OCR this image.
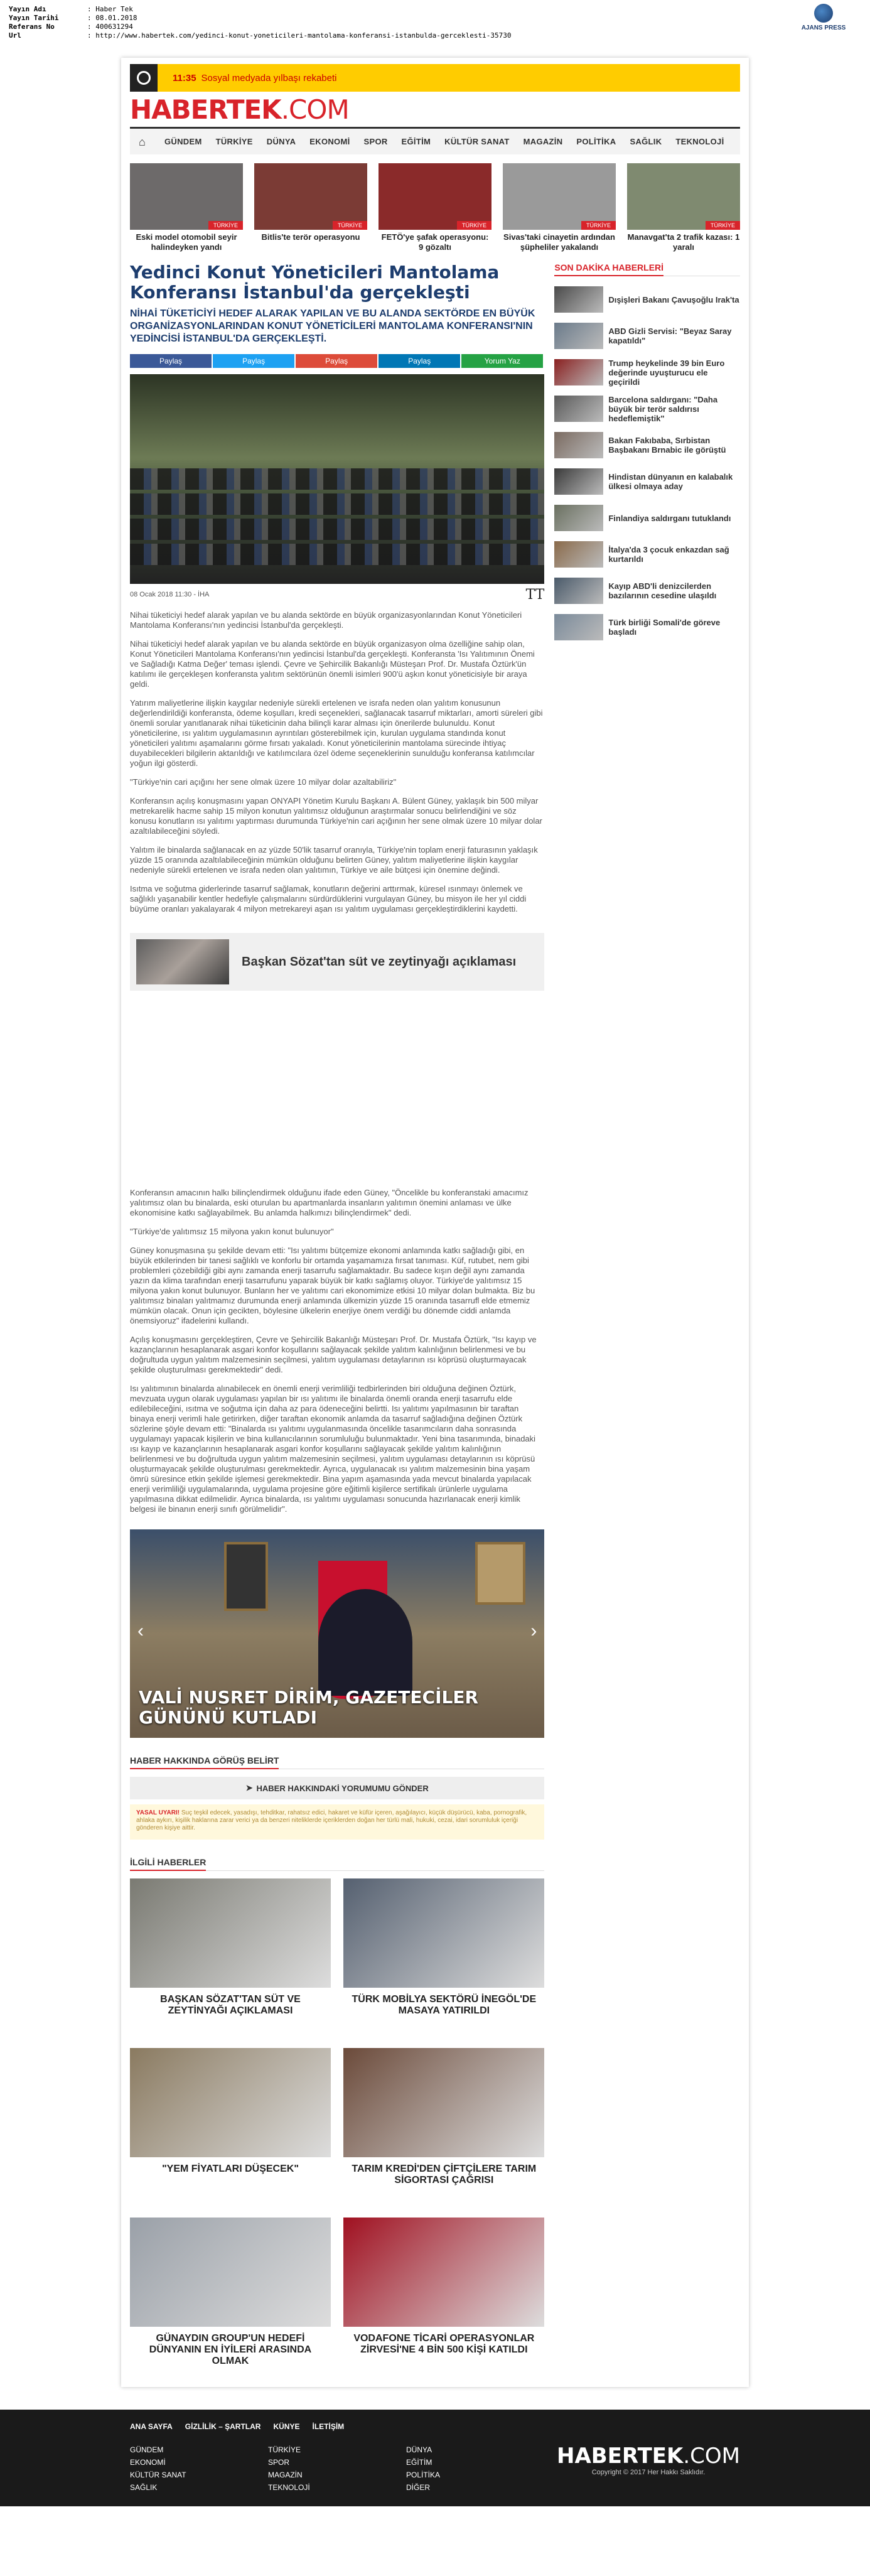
Yayın Adı	: Haber Tek
Yayın Tarihi	: 08.01.2018
Referans No	: 400631294
Url	: http://www.habertek.com/yedinci-konut-yoneticileri-mantolama-konferansi-istanbulda-gerceklesti-35730
AJANS PRESS
11:35 Sosyal medyada yılbaşı rekabeti
HABERTEK.COM
⌂	GÜNDEM TÜRKİYE DÜNYA EKONOMİ SPOR EĞİTİM KÜLTÜR SANAT MAGAZİN POLİTİKA SAĞLIK TEKNOLOJİ
TÜRKİYE
Eski model otomobil seyir halindeyken yandı
TÜRKİYE
Bitlis'te terör operasyonu
TÜRKİYE
FETÖ'ye şafak operasyonu: 9 gözaltı
TÜRKİYE
Sivas'taki cinayetin ardından şüpheliler yakalandı
TÜRKİYE
Manavgat'ta 2 trafik kazası: 1 yaralı
Yedinci Konut Yöneticileri Mantolama Konferansı İstanbul'da gerçekleşti
NİHAİ TÜKETİCİYİ HEDEF ALARAK YAPILAN VE BU ALANDA SEKTÖRDE EN BÜYÜK ORGANİZASYONLARINDAN KONUT YÖNETİCİLERİ MANTOLAMA KONFERANSI'NIN YEDİNCİSİ İSTANBUL'DA GERÇEKLEŞTİ.
Paylaş	Paylaş	Paylaş	Paylaş	Yorum Yaz
08 Ocak 2018 11:30 - İHA	TT

Nihai tüketiciyi hedef alarak yapılan ve bu alanda sektörde en büyük organizasyonlarından Konut Yöneticileri Mantolama Konferansı'nın yedincisi İstanbul'da gerçekleşti.

Nihai tüketiciyi hedef alarak yapılan ve bu alanda sektörde en büyük organizasyon olma özelliğine sahip olan, Konut Yöneticileri Mantolama Konferansı'nın yedincisi İstanbul'da gerçekleşti. Konferansta 'Isı Yalıtımının Önemi ve Sağladığı Katma Değer' teması işlendi. Çevre ve Şehircilik Bakanlığı Müsteşarı Prof. Dr. Mustafa Öztürk'ün katılımı ile gerçekleşen konferansta yalıtım sektörünün önemli isimleri 900'ü aşkın konut yöneticisiyle bir araya geldi.

Yatırım maliyetlerine ilişkin kaygılar nedeniyle sürekli ertelenen ve israfa neden olan yalıtım konusunun değerlendirildiği konferansta, ödeme koşulları, kredi seçenekleri, sağlanacak tasarruf miktarları, amorti süreleri gibi önemli sorular yanıtlanarak nihai tüketicinin daha bilinçli karar alması için önerilerde bulunuldu. Konut yöneticilerine, ısı yalıtım uygulamasının ayrıntıları gösterebilmek için, kurulan uygulama standında konut yöneticileri yalıtımı aşamalarını görme fırsatı yakaladı. Konut yöneticilerinin mantolama sürecinde ihtiyaç duyabilecekleri bilgilerin aktarıldığı ve katılımcılara özel ödeme seçeneklerinin sunulduğu konferansa katılımcılar yoğun ilgi gösterdi.

"Türkiye'nin cari açığını her sene olmak üzere 10 milyar dolar azaltabiliriz"

Konferansın açılış konuşmasını yapan ONYAPI Yönetim Kurulu Başkanı A. Bülent Güney, yaklaşık bin 500 milyar metrekarelik hacme sahip 15 milyon konutun yalıtımsız olduğunun araştırmalar sonucu belirlendiğini ve söz konusu konutların ısı yalıtımı yaptırması durumunda Türkiye'nin cari açığının her sene olmak üzere 10 milyar dolar azaltılabileceğini söyledi.

Yalıtım ile binalarda sağlanacak en az yüzde 50'lik tasarruf oranıyla, Türkiye'nin toplam enerji faturasının yaklaşık yüzde 15 oranında azaltılabileceğinin mümkün olduğunu belirten Güney, yalıtım maliyetlerine ilişkin kaygılar nedeniyle sürekli ertelenen ve israfa neden olan yalıtımın, Türkiye ve aile bütçesi için önemine değindi.

Isıtma ve soğutma giderlerinde tasarruf sağlamak, konutların değerini arttırmak, küresel ısınmayı önlemek ve sağlıklı yaşanabilir kentler hedefiyle çalışmalarını sürdürdüklerini vurgulayan Güney, bu misyon ile her yıl ciddi büyüme oranları yakalayarak 4 milyon metrekareyi aşan ısı yalıtım uygulaması gerçekleştirdiklerini kaydetti.

Başkan Sözat'tan süt ve zeytinyağı açıklaması

Konferansın amacının halkı bilinçlendirmek olduğunu ifade eden Güney, "Öncelikle bu konferanstaki amacımız yalıtımsız olan bu binalarda, eski oturulan bu apartmanlarda insanların yalıtımın önemini anlaması ve ülke ekonomisine katkı sağlayabilmek. Bu anlamda halkımızı bilinçlendirmek" dedi.

"Türkiye'de yalıtımsız 15 milyona yakın konut bulunuyor"

Güney konuşmasına şu şekilde devam etti: "Isı yalıtımı bütçemize ekonomi anlamında katkı sağladığı gibi, en büyük etkilerinden bir tanesi sağlıklı ve konforlu bir ortamda yaşamamıza fırsat tanıması. Küf, rutubet, nem gibi problemleri çözebildiği gibi aynı zamanda enerji tasarrufu sağlamaktadır. Bu sadece kışın değil aynı zamanda yazın da klima tarafından enerji tasarrufunu yaparak büyük bir katkı sağlamış oluyor. Türkiye'de yalıtımsız 15 milyona yakın konut bulunuyor. Bunların her ve yalıtımı cari ekonomimize etkisi 10 milyar dolan bulmakta. Biz bu yalıtımsız binaları yalıtmamız durumunda enerji anlamında ülkemizin yüzde 15 oranında tasarrufl elde etmemiz mümkün olacak. Onun için gecikten, böylesine ülkelerin enerjiye önem verdiği bu dönemde ciddi anlamda önemsiyoruz" ifadelerini kullandı.

Açılış konuşmasını gerçekleştiren, Çevre ve Şehircilik Bakanlığı Müsteşarı Prof. Dr. Mustafa Öztürk, "Isı kayıp ve kazançlarının hesaplanarak asgari konfor koşullarını sağlayacak şekilde yalıtım kalınlığının belirlenmesi ve bu doğrultuda uygun yalıtım malzemesinin seçilmesi, yalıtım uygulaması detaylarının ısı köprüsü oluşturmayacak şekilde oluşturulması gerekmektedir" dedi.

Isı yalıtımının binalarda alınabilecek en önemli enerji verimliliği tedbirlerinden biri olduğuna değinen Öztürk, mevzuata uygun olarak uygulaması yapılan bir ısı yalıtımı ile binalarda önemli oranda enerji tasarrufu elde edilebileceğini, ısıtma ve soğutma için daha az para ödeneceğini belirtti. Isı yalıtımı yapılmasının bir taraftan binaya enerji verimli hale getirirken, diğer taraftan ekonomik anlamda da tasarruf sağladığına değinen Öztürk sözlerine şöyle devam etti: "Binalarda ısı yalıtımı uygulanmasında öncelikle tasarımcıların daha sonrasında uygulamayı yapacak kişilerin ve bina kullanıcılarının sorumluluğu bulunmaktadır. Yeni bina tasarımında, binadaki ısı kayıp ve kazançlarının hesaplanarak asgari konfor koşullarını sağlayacak şekilde yalıtım kalınlığının belirlenmesi ve bu doğrultuda uygun yalıtım malzemesinin seçilmesi, yalıtım uygulaması detaylarının ısı köprüsü oluşturmayacak şekilde oluşturulması gerekmektedir. Ayrıca, uygulanacak ısı yalıtım malzemesinin bina yaşam ömrü süresince etkin şekilde işlemesi gerekmektedir. Bina yapım aşamasında yada mevcut binalarda yapılacak enerji verimliliği uygulamalarında, uygulama projesine göre eğitimli kişilerce sertifikalı ürünlerle uygulama yapılmasına dikkat edilmelidir. Ayrıca binalarda, ısı yalıtımı uygulaması sonucunda hazırlanacak enerji kimlik belgesi ile binanın enerji sınıfı görülmelidir".

‹	›
VALİ NUSRET DİRİM, GAZETECİLER GÜNÜNÜ KUTLADI
HABER HAKKINDA GÖRÜŞ BELİRT
➤ HABER HAKKINDAKİ YORUMUMU GÖNDER
YASAL UYARI! Suç teşkil edecek, yasadışı, tehditkar, rahatsız edici, hakaret ve küfür içeren, aşağılayıcı, küçük düşürücü, kaba, pornografik, ahlaka aykırı, kişilik haklarına zarar verici ya da benzeri niteliklerde içeriklerden doğan her türlü mali, hukuki, cezai, idari sorumluluk içeriği gönderen kişiye aittir.
İLGİLİ HABERLER
BAŞKAN SÖZAT'TAN SÜT VE ZEYTİNYAĞI AÇIKLAMASI
TÜRK MOBİLYA SEKTÖRÜ İNEGÖL'DE MASAYA YATIRILDI
"YEM FİYATLARI DÜŞECEK"	TARIM KREDİ'DEN ÇİFTÇİLERE TARIM SİGORTASI ÇAĞRISI
GÜNAYDIN GROUP'UN HEDEFİ DÜNYANIN EN İYİLERİ ARASINDA OLMAK
VODAFONE TİCARİ OPERASYONLAR ZİRVESİ'NE 4 BİN 500 KİŞİ KATILDI
SON DAKİKA HABERLERİ
Dışişleri Bakanı Çavuşoğlu Irak'ta
ABD Gizli Servisi: "Beyaz Saray kapatıldı"
Trump heykelinde 39 bin Euro değerinde uyuşturucu ele geçirildi
Barcelona saldırganı: "Daha büyük bir terör saldırısı hedeflemiştik"
Bakan Fakıbaba, Sırbistan Başbakanı Brnabic ile görüştü
Hindistan dünyanın en kalabalık ülkesi olmaya aday
Finlandiya saldırganı tutuklandı
İtalya'da 3 çocuk enkazdan sağ kurtarıldı
Kayıp ABD'li denizcilerden bazılarının cesedine ulaşıldı
Türk birliği Somali'de göreve başladı
ANA SAYFA GİZLİLİK – ŞARTLAR KÜNYE İLETİŞİM
GÜNDEM
EKONOMİ
KÜLTÜR SANAT
SAĞLIK
TÜRKİYE
SPOR
MAGAZİN
TEKNOLOJİ
DÜNYA
EĞİTİM
POLİTİKA
DİĞER
HABERTEK.COM
Copyright © 2017 Her Hakkı Saklıdır.
